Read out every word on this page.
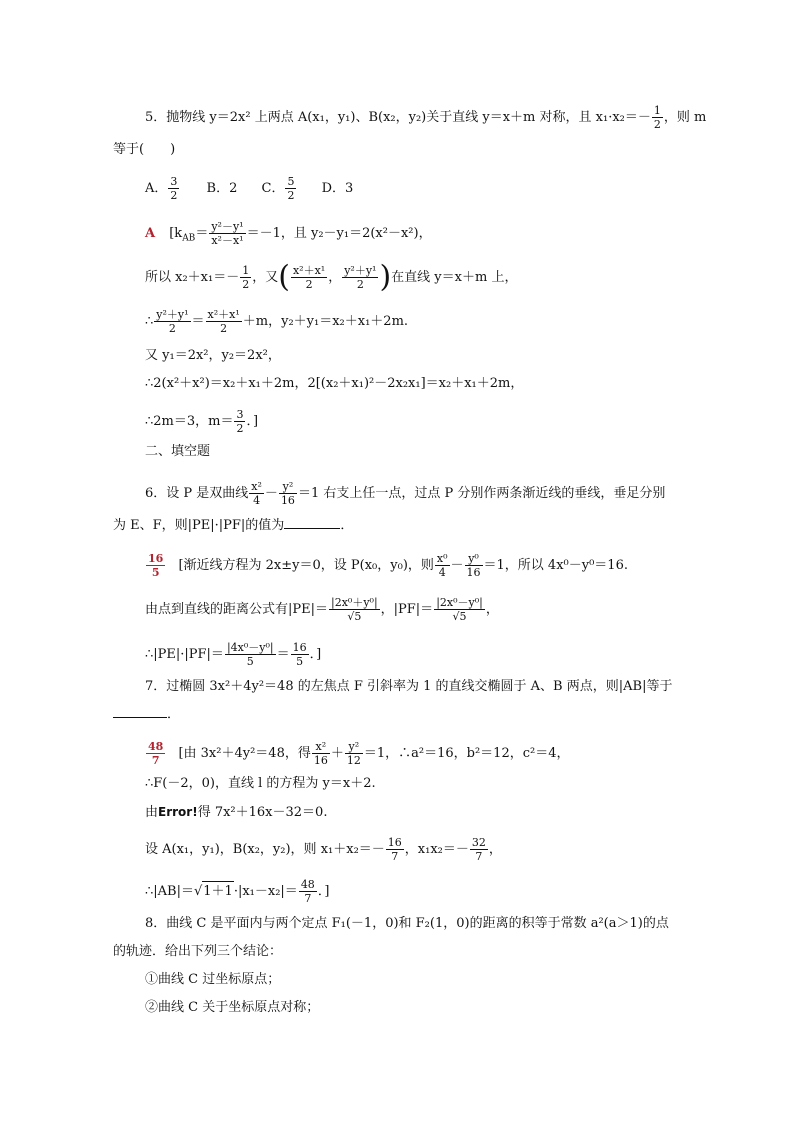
5．抛物线 y＝2x² 上两点 A(x₁，y₁)、B(x₂，y₂)关于直线 y＝x＋m 对称，且 $x_1\cdot x_2=- \frac{1}{2}$ ，则 m
等于(　　)
A． $\frac{3}{2}$ B．2 C． $\frac{5}{2}$ D．3
A [$k_{AB}= \frac{\text{y²－y¹}}{\text{x²－x¹}} =-1$，且 y₂－y₁＝2(x²－x²)，
所以 $x_2+x_1=- \frac{1}{2}$ ，又( $\frac{\text{x²＋x¹}}{2}$ ， $\frac{\text{y²＋y¹}}{2}$ )在直线 y＝x＋m 上，
∴ $\frac{\text{y²＋y¹}}{2} = \frac{\text{x²＋x¹}}{2} +m$，y₂＋y₁＝x₂＋x₁＋2m.
又 y₁＝2x²，y₂＝2x²，
∴2(x²＋x²)＝x₂＋x₁＋2m，2[(x₂＋x₁)²－2x₂x₁]＝x₂＋x₁＋2m，
∴2m＝3，$m= \frac{3}{2}$ ．]
二、填空题
6．设 P 是双曲线 $\frac{\text{x²}}{4} - \frac{\text{y²}}{16} =1$ 右支上任一点，过点 P 分别作两条渐近线的垂线，垂足分别
为 E、F，则|PE|·|PF|的值为	．
$\frac{16}{5}$ [渐近线方程为 2x±y＝0，设 P(x₀，y₀)，则 $\frac{\text{x⁰}}{4} - \frac{\text{y⁰}}{16} =1$，所以 4x⁰－y⁰＝16.
由点到直线的距离公式有$|PE|= \frac{\text{|2x⁰＋y⁰|}}{√5}$ ，$|PF|= \frac{\text{|2x⁰－y⁰|}}{√5}$ ，
∴|PE|·|PF|＝ $\frac{\text{|4x⁰－y⁰|}}{5} = \frac{16}{5}$ ．]
7．过椭圆 3x²＋4y²＝48 的左焦点 F 引斜率为 1 的直线交椭圆于 A、B 两点，则|AB|等于
．
$\frac{48}{7}$ [由 3x²＋4y²＝48，得 $\frac{\text{x²}}{16} + \frac{\text{y²}}{12} =1$，∴a²＝16，b²＝12，c²＝4，
∴F(－2，0)，直线 l 的方程为 y＝x＋2.
由Error!得 7x²＋16x－32＝0.
设 A(x₁，y₁)，B(x₂，y₂)，则 $x_1+x_2=- \frac{16}{7}$ ，$x_1x_2=- \frac{32}{7}$ ，
∴|AB|＝√1＋1·|x₁－x₂|＝ $\frac{48}{7}$ ．]
8．曲线 C 是平面内与两个定点 F₁(－1，0)和 F₂(1，0)的距离的积等于常数 a²(a＞1)的点
的轨迹．给出下列三个结论：
①曲线 C 过坐标原点；
②曲线 C 关于坐标原点对称；
